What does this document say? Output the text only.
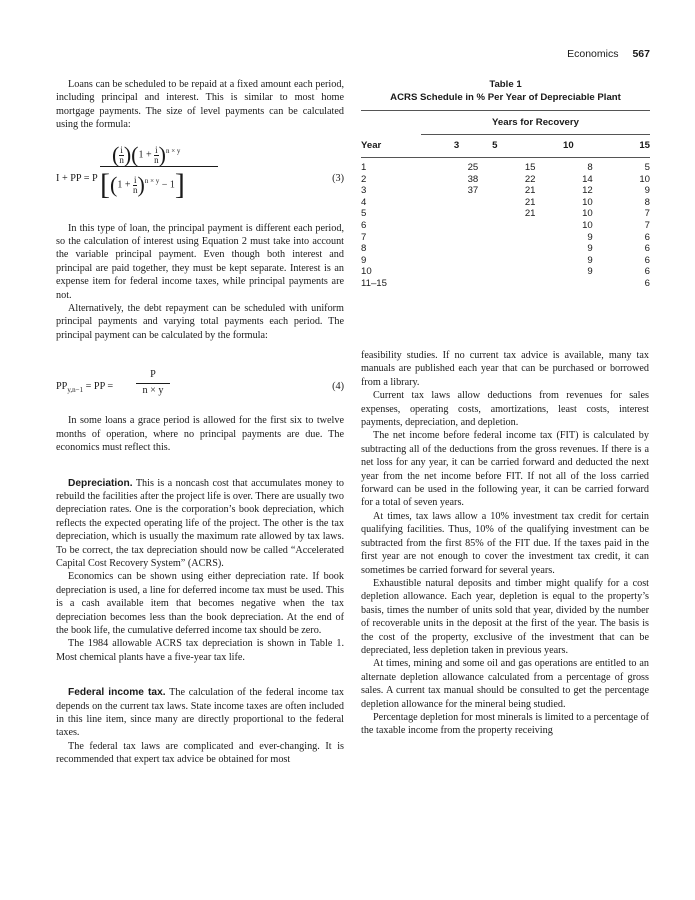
Economics 567

Loans can be scheduled to be repaid at a fixed amount each period, including principal and interest. This is similar to most home mortgage payments. The size of level payments can be calculated using the formula:

I + PP = P
(i
n)(1 + i
n)$^{n \times y}$
[(1 + i
n)$^{n \times y}$ − 1]	(3)

In this type of loan, the principal payment is different each period, so the calculation of interest using Equation 2 must take into account the variable principal payment. Even though both interest and principal are paid together, they must be kept separate. Interest is an expense item for federal income taxes, while principal payments are not.

Alternatively, the debt repayment can be scheduled with uniform principal payments and varying total payments each period. The principal payment can be calculated by the formula:

$PP_{y,n-1}$ = PP = $\frac{P}{n \times y}$	(4)

In some loans a grace period is allowed for the first six to twelve months of operation, where no principal payments are due. The economics must reflect this.

Depreciation. This is a noncash cost that accumulates money to rebuild the facilities after the project life is over. There are usually two depreciation rates. One is the corporation’s book depreciation, which reflects the expected operating life of the project. The other is the tax depreciation, which is usually the maximum rate allowed by tax laws. To be correct, the tax depreciation should now be called “Accelerated Capital Cost Recovery System” (ACRS).

Economics can be shown using either depreciation rate. If book depreciation is used, a line for deferred income tax must be used. This is a cash available item that becomes negative when the tax depreciation becomes less than the book depreciation. At the end of the book life, the cumulative deferred income tax should be zero.

The 1984 allowable ACRS tax depreciation is shown in Table 1. Most chemical plants have a five-year tax life.

Federal income tax. The calculation of the federal income tax depends on the current tax laws. State income taxes are often included in this line item, since many are directly proportional to the federal taxes.

The federal tax laws are complicated and ever-changing. It is recommended that expert tax advice be obtained for most

Table 1
ACRS Schedule in % Per Year of Depreciable Plant
Years for Recovery
Year	3	5	10	15
1	25	15	8	5
2	38	22	14	10
3	37	21	12	9
4		21	10	8
5		21	10	7
6			10	7
7			9	6
8			9	6
9			9	6
10			9	6
11–15				6

feasibility studies. If no current tax advice is available, many tax manuals are published each year that can be purchased or borrowed from a library.

Current tax laws allow deductions from revenues for sales expenses, operating costs, amortizations, least costs, interest payments, depreciation, and depletion.

The net income before federal income tax (FIT) is calculated by subtracting all of the deductions from the gross revenues. If there is a net loss for any year, it can be carried forward and deducted the next year from the net income before FIT. If not all of the loss carried forward can be used in the following year, it can be carried forward for a total of seven years.

At times, tax laws allow a 10% investment tax credit for certain qualifying facilities. Thus, 10% of the qualifying investment can be subtracted from the first 85% of the FIT due. If the taxes paid in the first year are not enough to cover the investment tax credit, it can sometimes be carried forward for several years.

Exhaustible natural deposits and timber might qualify for a cost depletion allowance. Each year, depletion is equal to the property’s basis, times the number of units sold that year, divided by the number of recoverable units in the deposit at the first of the year. The basis is the cost of the property, exclusive of the investment that can be depreciated, less depletion taken in previous years.

At times, mining and some oil and gas operations are entitled to an alternate depletion allowance calculated from a percentage of gross sales. A current tax manual should be consulted to get the percentage depletion allowance for the mineral being studied.

Percentage depletion for most minerals is limited to a percentage of the taxable income from the property receiving
